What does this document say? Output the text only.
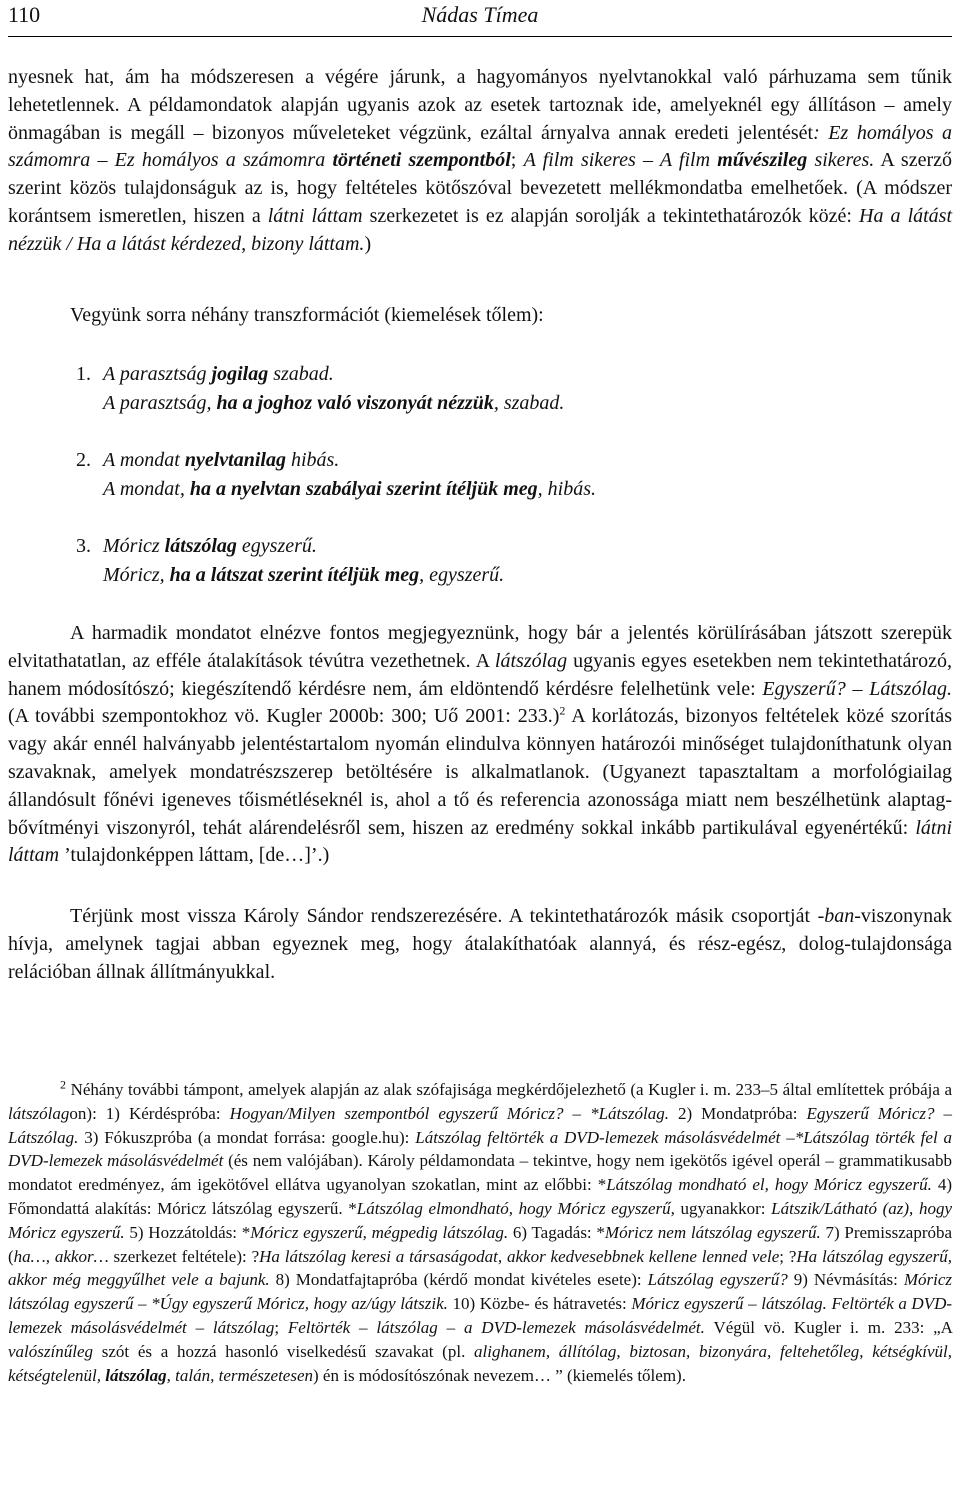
110	Nádas Tímea

nyesnek hat, ám ha módszeresen a végére járunk, a hagyományos nyelvtanokkal való párhuzama sem tűnik lehetetlennek. A példamondatok alapján ugyanis azok az esetek tartoznak ide, amelyeknél egy állításon – amely önmagában is megáll – bizonyos műveleteket végzünk, ezáltal árnyalva annak eredeti jelentését: Ez homályos a számomra – Ez homályos a számomra történeti szempontból; A film sikeres – A film művészileg sikeres. A szerző szerint közös tulajdonságuk az is, hogy feltételes kötőszóval bevezetett mellékmondatba emelhetőek. (A módszer korántsem ismeretlen, hiszen a látni láttam szerkezetet is ez alapján sorolják a tekintethatározók közé: Ha a látást nézzük / Ha a látást kérdezed, bizony láttam.)

Vegyünk sorra néhány transzformációt (kiemelések tőlem):

1. A parasztság jogilag szabad.
A parasztság, ha a joghoz való viszonyát nézzük, szabad.
2. A mondat nyelvtanilag hibás.
A mondat, ha a nyelvtan szabályai szerint ítéljük meg, hibás.
3. Móricz látszólag egyszerű.
Móricz, ha a látszat szerint ítéljük meg, egyszerű.

A harmadik mondatot elnézve fontos megjegyeznünk, hogy bár a jelentés körülírásában játszott szerepük elvitathatatlan, az efféle átalakítások tévútra vezethetnek. A látszólag ugyanis egyes esetekben nem tekintethatározó, hanem módosítószó; kiegészítendő kérdésre nem, ám eldöntendő kérdésre felelhetünk vele: Egyszerű? – Látszólag. (A további szempontokhoz vö. Kugler 2000b: 300; Uő 2001: 233.)$^2$ A korlátozás, bizonyos feltételek közé szorítás vagy akár ennél halványabb jelentéstartalom nyomán elindulva könnyen határozói minőséget tulajdoníthatunk olyan szavaknak, amelyek mondatrészszerep betöltésére is alkalmatlanok. (Ugyanezt tapasztaltam a morfológiailag állandósult főnévi igeneves tőismétléseknél is, ahol a tő és referencia azonossága miatt nem beszélhetünk alaptag-bővítményi viszonyról, tehát alárendelésről sem, hiszen az eredmény sokkal inkább partikulával egyenértékű: látni láttam ’tulajdonképpen láttam, [de…]’.)

Térjünk most vissza Károly Sándor rendszerezésére. A tekintethatározók másik csoportját -ban-viszonynak hívja, amelynek tagjai abban egyeznek meg, hogy átalakíthatóak alannyá, és rész-egész, dolog-tulajdonsága relációban állnak állítmányukkal.

$^2$ Néhány további támpont, amelyek alapján az alak szófajisága megkérdőjelezhető (a Kugler i. m. 233–5 által említettek próbája a látszólagon): 1) Kérdéspróba: Hogyan/Milyen szempontból egyszerű Móricz? – *Látszólag. 2) Mondatpróba: Egyszerű Móricz? – Látszólag. 3) Fókuszpróba (a mondat forrása: google.hu): Látszólag feltörték a DVD-lemezek másolásvédelmét –*Látszólag törték fel a DVD-lemezek másolásvédelmét (és nem valójában). Károly példamondata – tekintve, hogy nem igekötős igével operál – grammatikusabb mondatot eredményez, ám igekötővel ellátva ugyanolyan szokatlan, mint az előbbi: *Látszólag mondható el, hogy Móricz egyszerű. 4) Főmondattá alakítás: Móricz látszólag egyszerű. *Látszólag elmondható, hogy Móricz egyszerű, ugyanakkor: Látszik/Látható (az), hogy Móricz egyszerű. 5) Hozzátoldás: *Móricz egyszerű, mégpedig látszólag. 6) Tagadás: *Móricz nem látszólag egyszerű. 7) Premisszapróba (ha…, akkor… szerkezet feltétele): ?Ha látszólag keresi a társaságodat, akkor kedvesebbnek kellene lenned vele; ?Ha látszólag egyszerű, akkor még meggyűlhet vele a bajunk. 8) Mondatfajtapróba (kérdő mondat kivételes esete): Látszólag egyszerű? 9) Névmásítás: Móricz látszólag egyszerű – *Úgy egyszerű Móricz, hogy az/úgy látszik. 10) Közbe- és hátravetés: Móricz egyszerű – látszólag. Feltörték a DVD-lemezek másolásvédelmét – látszólag; Feltörték – látszólag – a DVD-lemezek másolásvédelmét. Végül vö. Kugler i. m. 233: „A valószínűleg szót és a hozzá hasonló viselkedésű szavakat (pl. alighanem, állítólag, biztosan, bizonyára, feltehetőleg, kétségkívül, kétségtelenül, látszólag, talán, természetesen) én is módosítószónak nevezem… ” (kiemelés tőlem).
